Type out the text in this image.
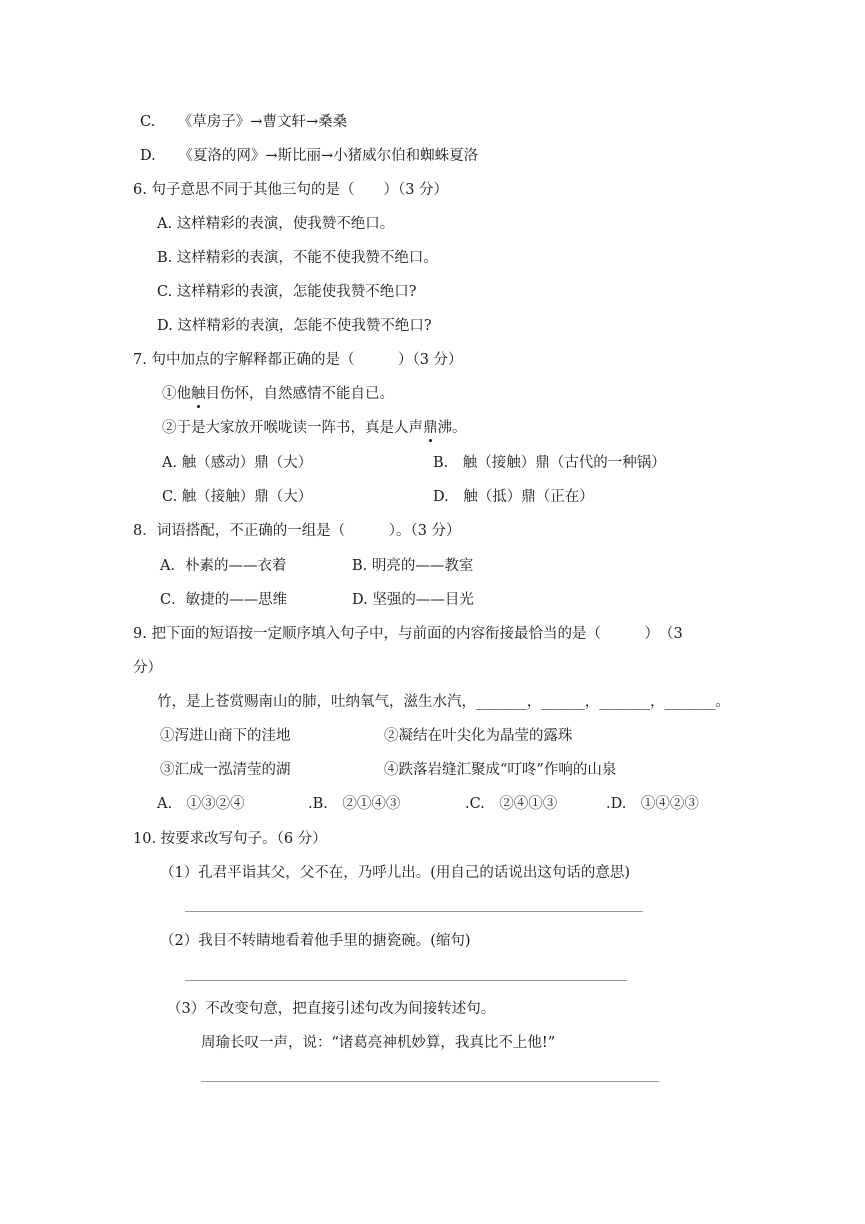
C. 《草房子》→曹文轩→桑桑
D. 《夏洛的网》→斯比丽→小猪威尔伯和蜘蛛夏洛
6. 句子意思不同于其他三句的是（　　）（3 分）
A. 这样精彩的表演，使我赞不绝口。
B. 这样精彩的表演，不能不使我赞不绝口。
C. 这样精彩的表演，怎能使我赞不绝口?
D. 这样精彩的表演，怎能不使我赞不绝口?
7. 句中加点的字解释都正确的是（　　　）（3 分）
①他触目伤怀，自然感情不能自已。
②于是大家放开喉咙读一阵书，真是人声鼎沸。
A. 触（感动）鼎（大）	B.　触（接触）鼎（古代的一种锅）
C. 触（接触）鼎（大）	D.　触（抵）鼎（正在）
8．词语搭配，不正确的一组是（　　　）。（3 分）
A．朴素的——衣着	B. 明亮的——教室
C．敏捷的——思维	D. 坚强的——目光
9. 把下面的短语按一定顺序填入句子中，与前面的内容衔接最恰当的是（　　　）　（3
分）
竹，是上苍赏赐南山的肺，吐纳氧气，滋生水汽，_______，______，_______，_______。
①泻进山商下的洼地	②凝结在叶尖化为晶莹的露珠
③汇成一泓清莹的湖	④跌落岩缝汇聚成“叮咚”作响的山泉
A.　①③②④	.B.　②①④③	.C.　②④①③	.D.　①④②③
10. 按要求改写句子。（6 分）
（1）孔君平诣其父，父不在，乃呼儿出。(用自己的话说出这句话的意思)
（2）我目不转睛地看着他手里的搪瓷碗。(缩句)
（3）不改变句意，把直接引述句改为间接转述句。
周瑜长叹一声，说：“诸葛亮神机妙算，我真比不上他!”
